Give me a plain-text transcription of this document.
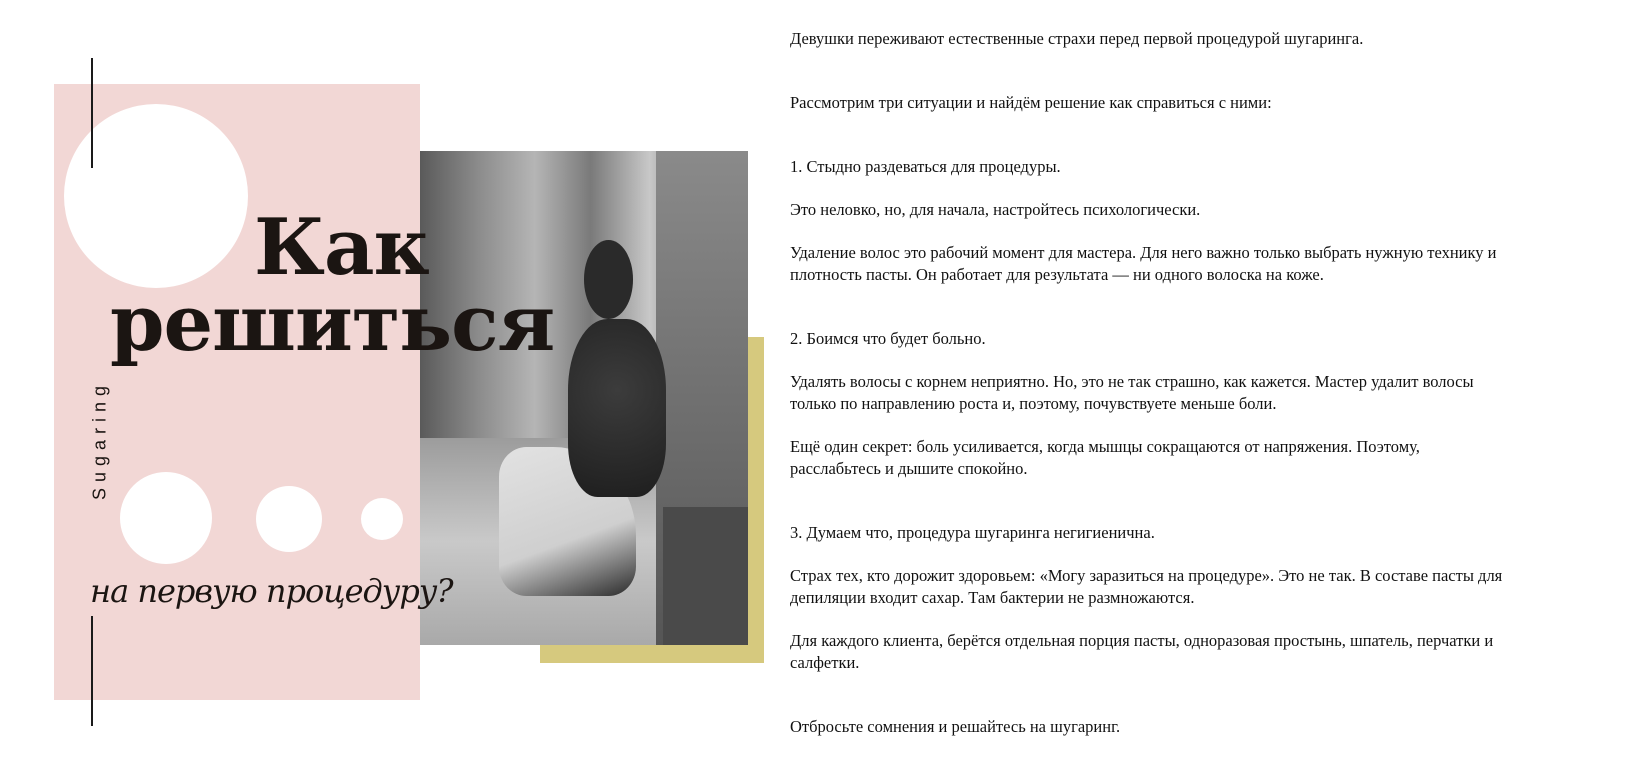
Как
решиться
на первую процедуру?
Sugaring

Девушки переживают естественные страхи перед первой процедурой шугаринга.

Рассмотрим три ситуации и найдём решение как справиться с ними:

1. Стыдно раздеваться для процедуры.

Это неловко, но, для начала, настройтесь психологически.

Удаление волос это рабочий момент для мастера. Для него важно только выбрать нужную технику и плотность пасты. Он работает для результата — ни одного волоска на коже.

2. Боимся что будет больно.

Удалять волосы с корнем неприятно. Но, это не так страшно, как кажется. Мастер удалит волосы только по направлению роста и, поэтому, почувствуете меньше боли.

Ещё один секрет: боль усиливается, когда мышцы сокращаются от напряжения. Поэтому, расслабьтесь и дышите спокойно.

3. Думаем что, процедура шугаринга негигиенична.

Страх тех, кто дорожит здоровьем: «Могу заразиться на процедуре». Это не так. В составе пасты для депиляции входит сахар. Там бактерии не размножаются.

Для каждого клиента, берётся отдельная порция пасты, одноразовая простынь, шпатель, перчатки и салфетки.

Отбросьте сомнения и решайтесь на шугаринг.
